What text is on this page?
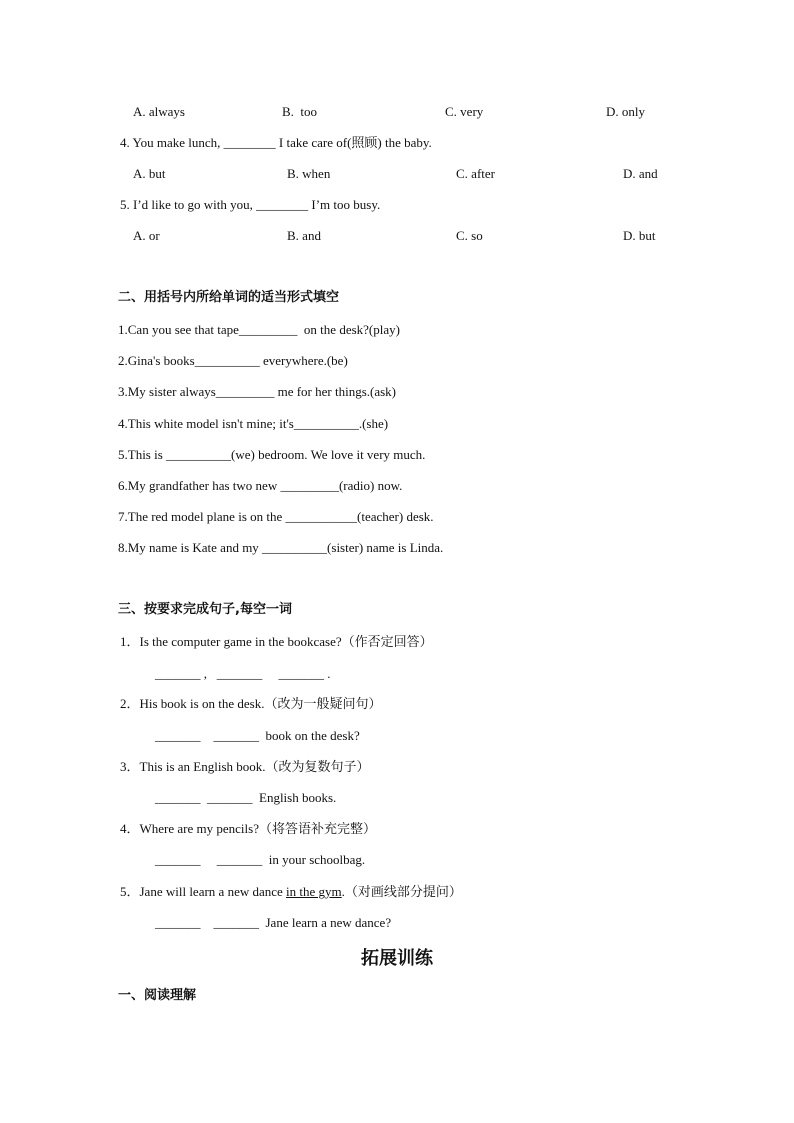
A. always	B.  too	C. very	D. only
4. You make lunch, ________ I take care of(照顾) the baby.
A. but	B. when	C. after	D. and
5. I’d like to go with you, ________ I’m too busy.
A. or	B. and	C. so	D. but
二、用括号内所给单词的适当形式填空
1.Can you see that tape_________  on the desk?(play)
2.Gina's books__________ everywhere.(be)
3.My sister always_________ me for her things.(ask)
4.This white model isn't mine; it's__________.(she)
5.This is __________(we) bedroom. We love it very much.
6.My grandfather has two new _________(radio) now.
7.The red model plane is on the ___________(teacher) desk.
8.My name is Kate and my __________(sister) name is Linda.
三、按要求完成句子,每空一词
1．Is the computer game in the bookcase?（作否定回答）
_______ ,   _______     _______ .
2．His book is on the desk.（改为一般疑问句）
_______    _______  book on the desk?
3．This is an English book.（改为复数句子）
_______  _______  English books.
4．Where are my pencils?（将答语补充完整）
_______     _______  in your schoolbag.
5．Jane will learn a new dance in the gym.（对画线部分提问）
_______    _______  Jane learn a new dance?
拓展训练
一、阅读理解
